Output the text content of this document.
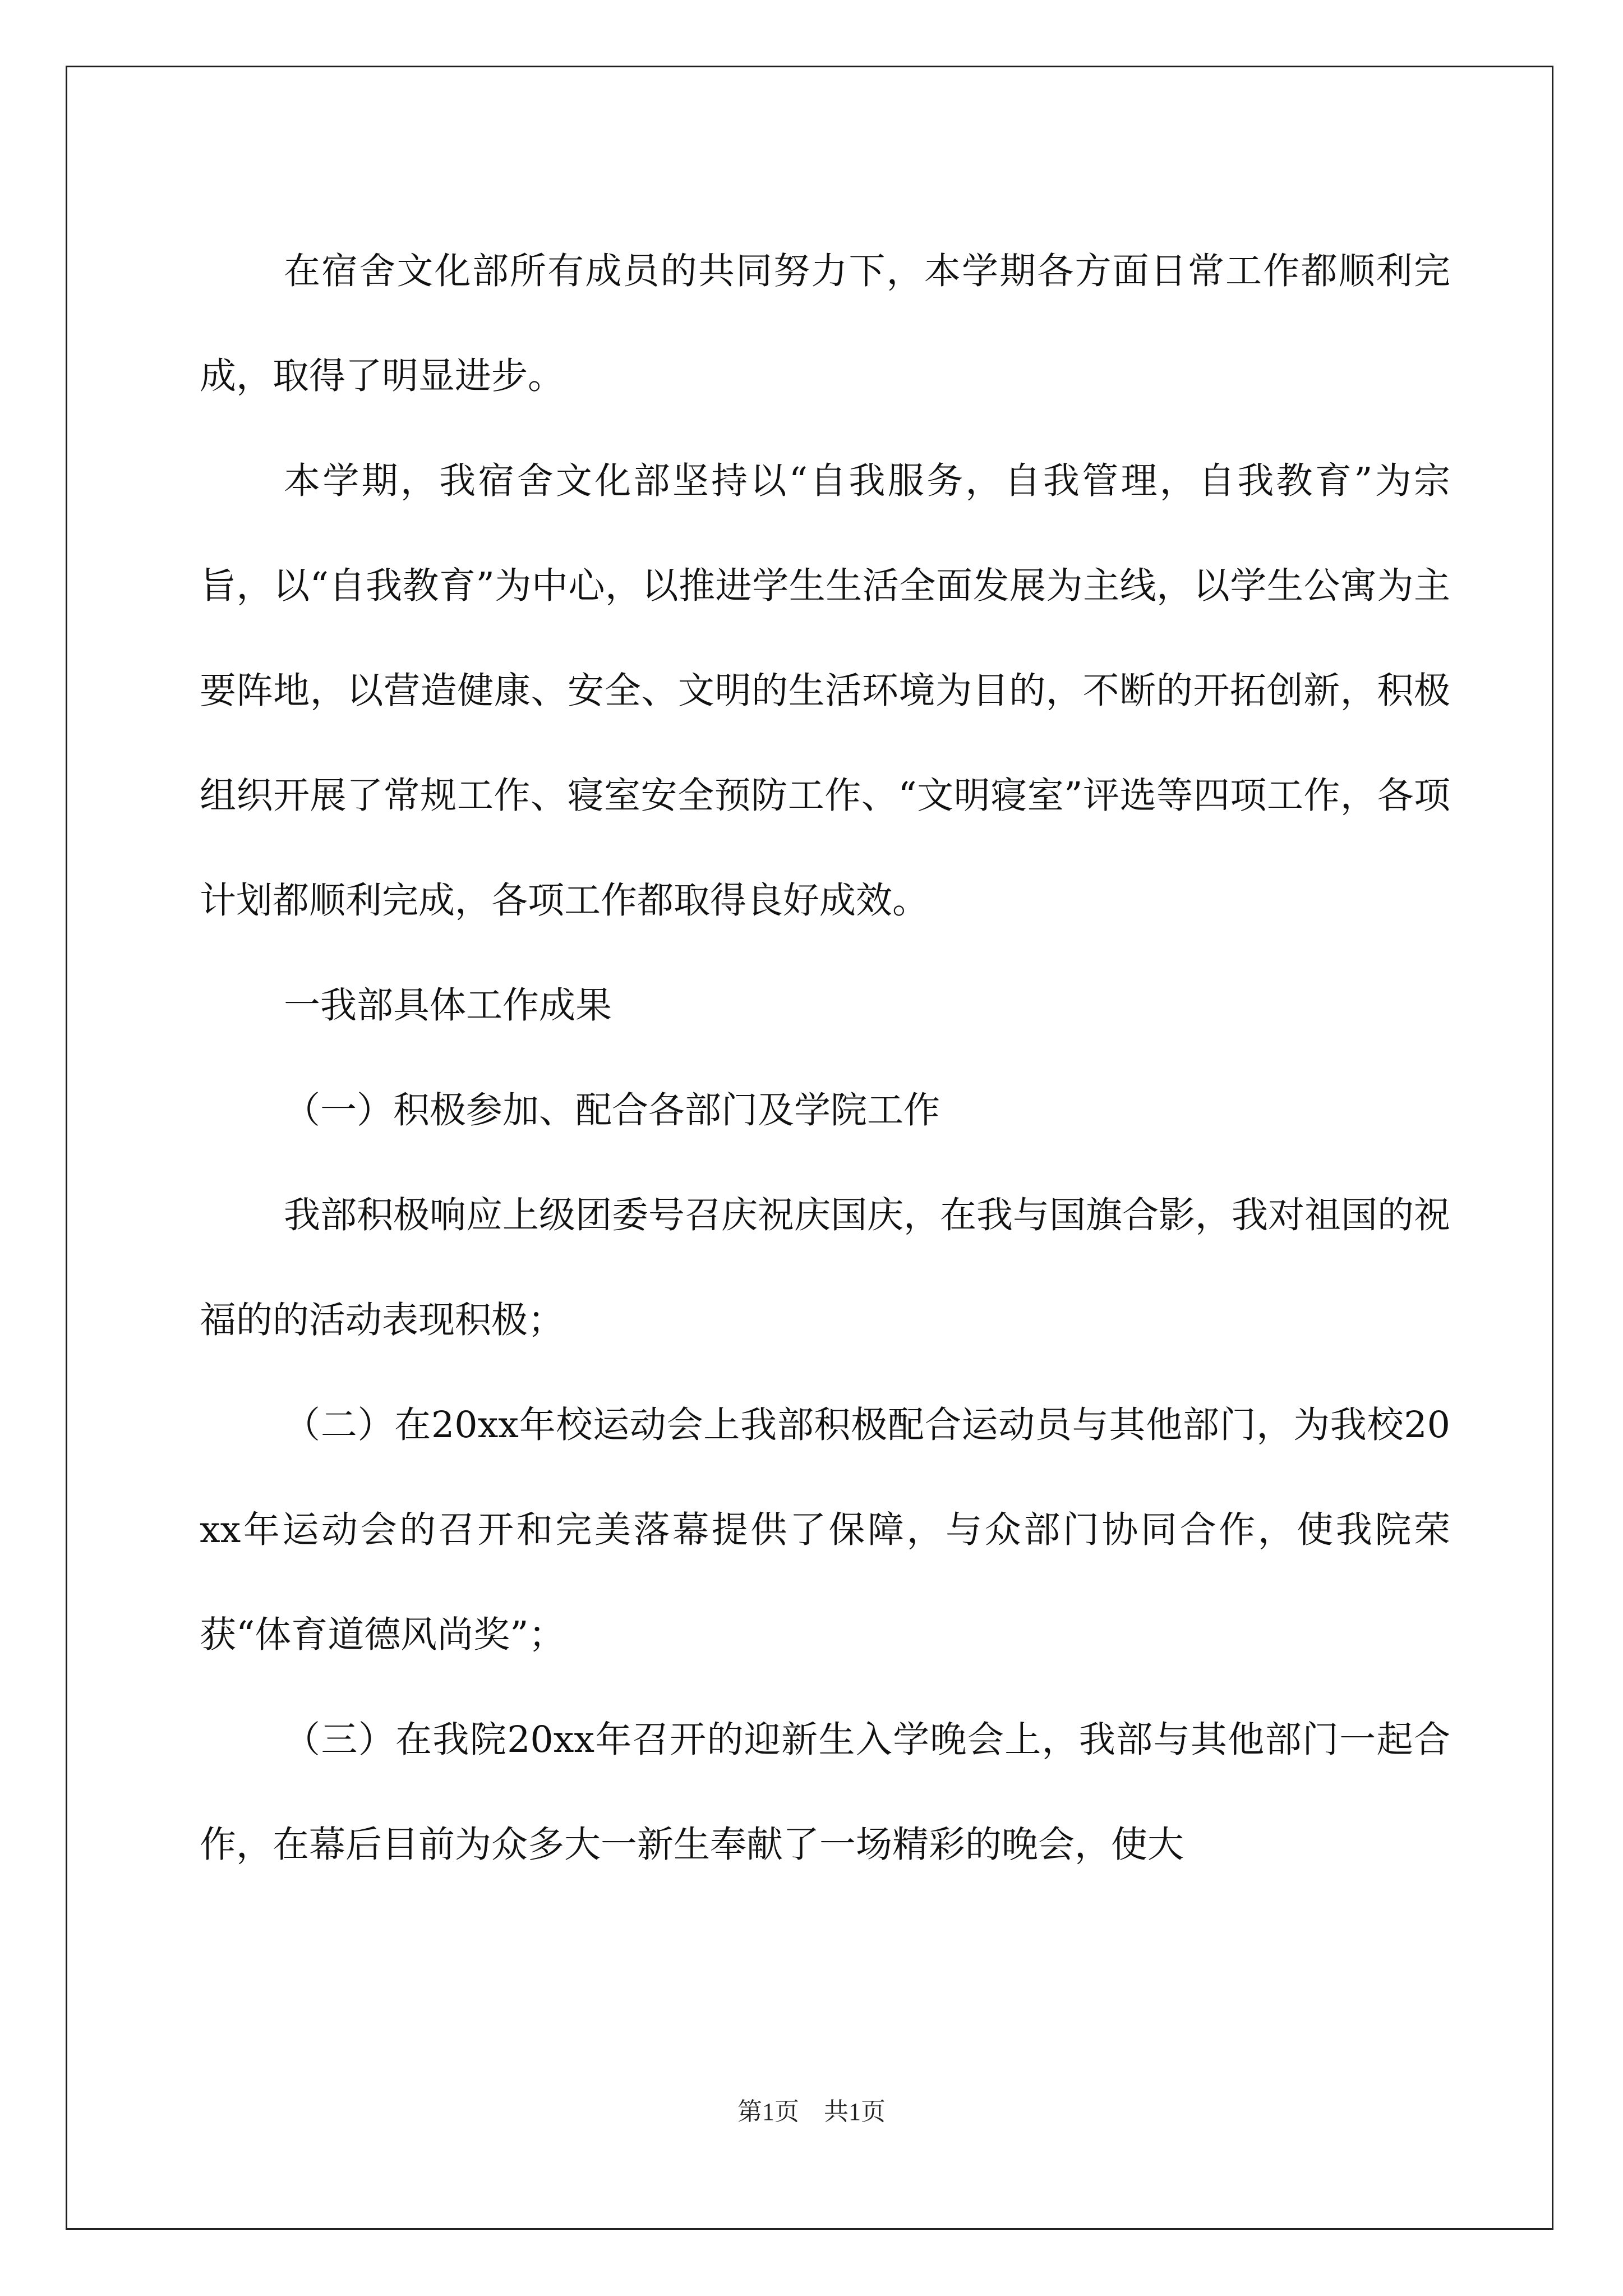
在宿舍文化部所有成员的共同努力下，本学期各方面日常工作都顺利完成，取得了明显进步。

本学期，我宿舍文化部坚持以“自我服务，自我管理，自我教育”为宗旨，以“自我教育”为中心，以推进学生生活全面发展为主线，以学生公寓为主要阵地，以营造健康、安全、文明的生活环境为目的，不断的开拓创新，积极组织开展了常规工作、寝室安全预防工作、“文明寝室”评选等四项工作，各项计划都顺利完成，各项工作都取得良好成效。

一我部具体工作成果

（一）积极参加、配合各部门及学院工作

我部积极响应上级团委号召庆祝庆国庆，在我与国旗合影，我对祖国的祝福的的活动表现积极；

（二）在20xx年校运动会上我部积极配合运动员与其他部门，为我校20xx年运动会的召开和完美落幕提供了保障，与众部门协同合作，使我院荣获“体育道德风尚奖”；

（三）在我院20xx年召开的迎新生入学晚会上，我部与其他部门一起合作，在幕后目前为众多大一新生奉献了一场精彩的晚会，使大

第1页　共1页
